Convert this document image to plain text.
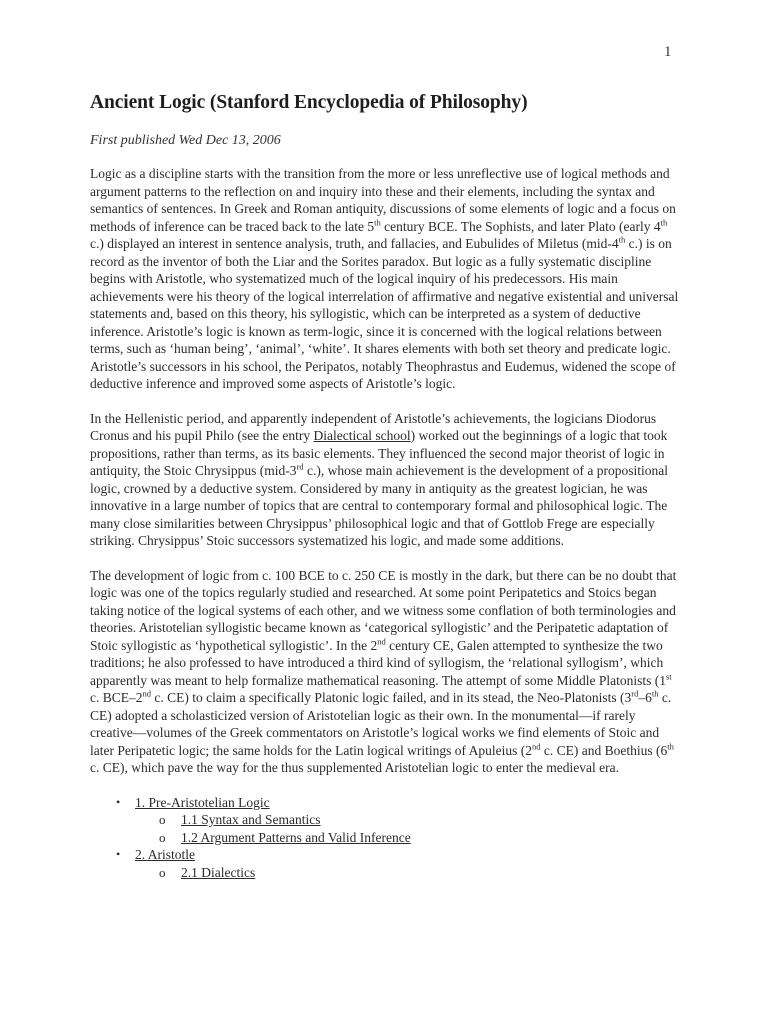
1
Ancient Logic (Stanford Encyclopedia of Philosophy)
First published Wed Dec 13, 2006

Logic as a discipline starts with the transition from the more or less unreflective use of logical methods and argument patterns to the reflection on and inquiry into these and their elements, including the syntax and semantics of sentences. In Greek and Roman antiquity, discussions of some elements of logic and a focus on methods of inference can be traced back to the late 5th century BCE. The Sophists, and later Plato (early 4th c.) displayed an interest in sentence analysis, truth, and fallacies, and Eubulides of Miletus (mid-4th c.) is on record as the inventor of both the Liar and the Sorites paradox. But logic as a fully systematic discipline begins with Aristotle, who systematized much of the logical inquiry of his predecessors. His main achievements were his theory of the logical interrelation of affirmative and negative existential and universal statements and, based on this theory, his syllogistic, which can be interpreted as a system of deductive inference. Aristotle’s logic is known as term-logic, since it is concerned with the logical relations between terms, such as ‘human being’, ‘animal’, ‘white’. It shares elements with both set theory and predicate logic. Aristotle’s successors in his school, the Peripatos, notably Theophrastus and Eudemus, widened the scope of deductive inference and improved some aspects of Aristotle’s logic.

In the Hellenistic period, and apparently independent of Aristotle’s achievements, the logicians Diodorus Cronus and his pupil Philo (see the entry Dialectical school) worked out the beginnings of a logic that took propositions, rather than terms, as its basic elements. They influenced the second major theorist of logic in antiquity, the Stoic Chrysippus (mid-3rd c.), whose main achievement is the development of a propositional logic, crowned by a deductive system. Considered by many in antiquity as the greatest logician, he was innovative in a large number of topics that are central to contemporary formal and philosophical logic. The many close similarities between Chrysippus’ philosophical logic and that of Gottlob Frege are especially striking. Chrysippus’ Stoic successors systematized his logic, and made some additions.

The development of logic from c. 100 BCE to c. 250 CE is mostly in the dark, but there can be no doubt that logic was one of the topics regularly studied and researched. At some point Peripatetics and Stoics began taking notice of the logical systems of each other, and we witness some conflation of both terminologies and theories. Aristotelian syllogistic became known as ‘categorical syllogistic’ and the Peripatetic adaptation of Stoic syllogistic as ‘hypothetical syllogistic’. In the 2nd century CE, Galen attempted to synthesize the two traditions; he also professed to have introduced a third kind of syllogism, the ‘relational syllogism’, which apparently was meant to help formalize mathematical reasoning. The attempt of some Middle Platonists (1st c. BCE–2nd c. CE) to claim a specifically Platonic logic failed, and in its stead, the Neo-Platonists (3rd–6th c. CE) adopted a scholasticized version of Aristotelian logic as their own. In the monumental—if rarely creative—volumes of the Greek commentators on Aristotle’s logical works we find elements of Stoic and later Peripatetic logic; the same holds for the Latin logical writings of Apuleius (2nd c. CE) and Boethius (6th c. CE), which pave the way for the thus supplemented Aristotelian logic to enter the medieval era.

• 1. Pre-Aristotelian Logic
o 1.1 Syntax and Semantics
o 1.2 Argument Patterns and Valid Inference
• 2. Aristotle
o 2.1 Dialectics
